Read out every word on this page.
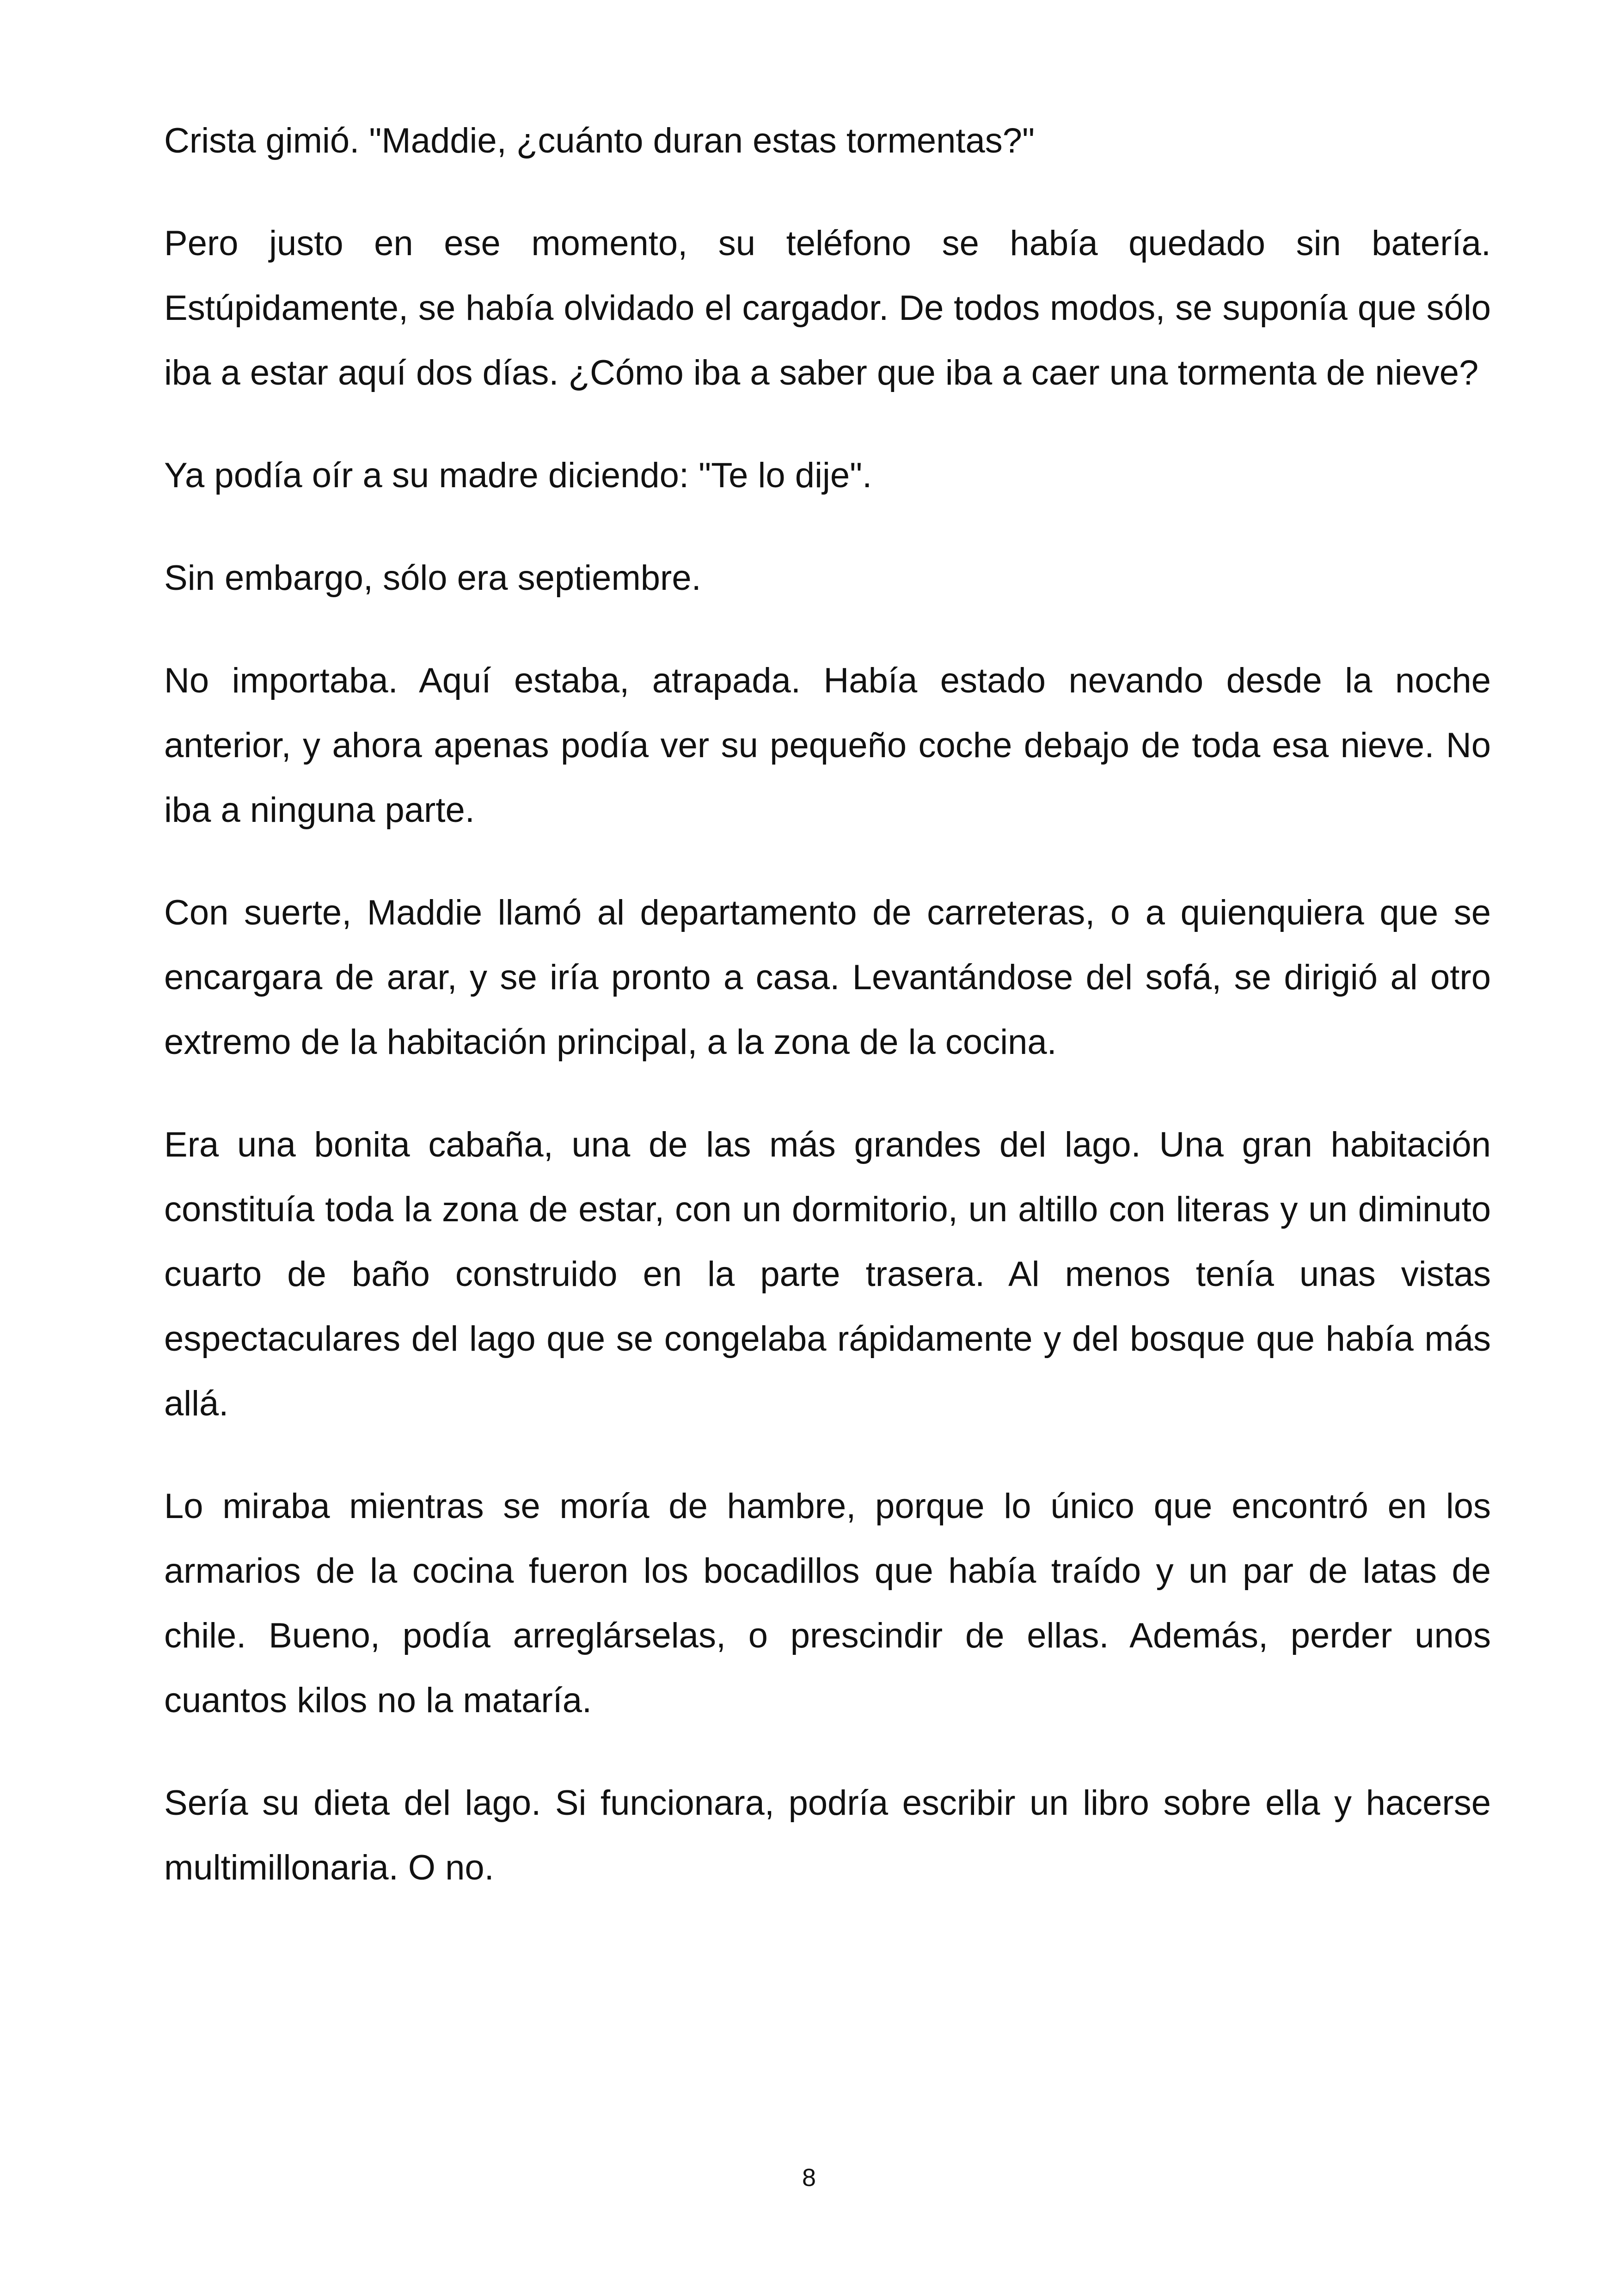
Crista gimió. "Maddie, ¿cuánto duran estas tormentas?"

Pero justo en ese momento, su teléfono se había quedado sin batería. Estúpidamente, se había olvidado el cargador. De todos modos, se suponía que sólo iba a estar aquí dos días. ¿Cómo iba a saber que iba a caer una tormenta de nieve?

Ya podía oír a su madre diciendo: "Te lo dije".

Sin embargo, sólo era septiembre.

No importaba. Aquí estaba, atrapada. Había estado nevando desde la noche anterior, y ahora apenas podía ver su pequeño coche debajo de toda esa nieve. No iba a ninguna parte.

Con suerte, Maddie llamó al departamento de carreteras, o a quienquiera que se encargara de arar, y se iría pronto a casa. Levantándose del sofá, se dirigió al otro extremo de la habitación principal, a la zona de la cocina.

Era una bonita cabaña, una de las más grandes del lago. Una gran habitación constituía toda la zona de estar, con un dormitorio, un altillo con literas y un diminuto cuarto de baño construido en la parte trasera. Al menos tenía unas vistas espectaculares del lago que se congelaba rápidamente y del bosque que había más allá.

Lo miraba mientras se moría de hambre, porque lo único que encontró en los armarios de la cocina fueron los bocadillos que había traído y un par de latas de chile. Bueno, podía arreglárselas, o prescindir de ellas. Además, perder unos cuantos kilos no la mataría.

Sería su dieta del lago. Si funcionara, podría escribir un libro sobre ella y hacerse multimillonaria. O no.

8
